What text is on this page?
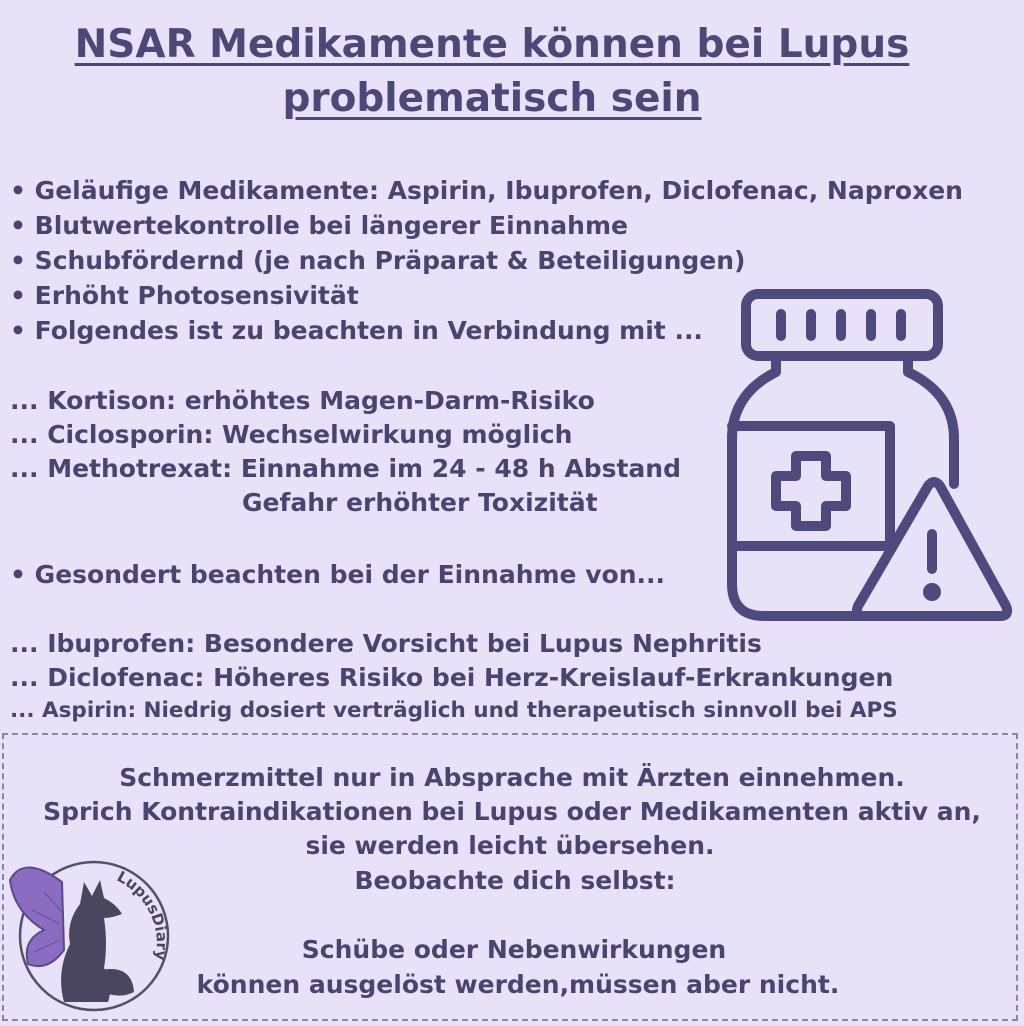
NSAR Medikamente können bei Lupus
problematisch sein
• Geläufige Medikamente: Aspirin, Ibuprofen, Diclofenac, Naproxen
• Blutwertekontrolle bei längerer Einnahme
• Schubfördernd (je nach Präparat & Beteiligungen)
• Erhöht Photosensivität
• Folgendes ist zu beachten in Verbindung mit ...
... Kortison: erhöhtes Magen-Darm-Risiko
... Ciclosporin: Wechselwirkung möglich
... Methotrexat: Einnahme im 24 - 48 h Abstand
Gefahr erhöhter Toxizität
• Gesondert beachten bei der Einnahme von...
... Ibuprofen: Besondere Vorsicht bei Lupus Nephritis
... Diclofenac: Höheres Risiko bei Herz-Kreislauf-Erkrankungen
... Aspirin: Niedrig dosiert verträglich und therapeutisch sinnvoll bei APS
Schmerzmittel nur in Absprache mit Ärzten einnehmen.
Sprich Kontraindikationen bei Lupus oder Medikamenten aktiv an,
sie werden leicht übersehen.
Beobachte dich selbst:
Schübe oder Nebenwirkungen
können ausgelöst werden,müssen aber nicht.
LupusDiary
